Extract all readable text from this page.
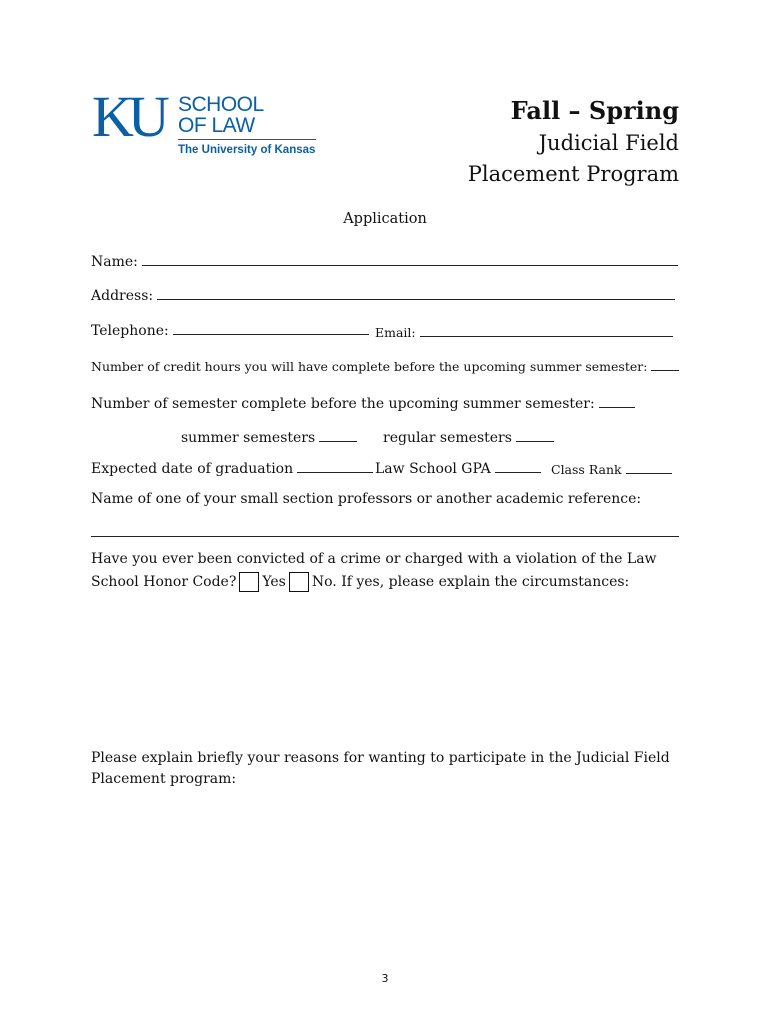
KU SCHOOL
OF LAW
The University of Kansas
Fall – Spring
Judicial Field
Placement Program
Application
Name:
Address:
Telephone:	Email:
Number of credit hours you will have complete before the upcoming summer semester:
Number of semester complete before the upcoming summer semester:
summer semesters	regular semesters
Expected date of graduation	Law School GPA	Class Rank
Name of one of your small section professors or another academic reference:
Have you ever been convicted of a crime or charged with a violation of the Law
School Honor Code? Yes No. If yes, please explain the circumstances:
Please explain briefly your reasons for wanting to participate in the Judicial Field
Placement program:
3
